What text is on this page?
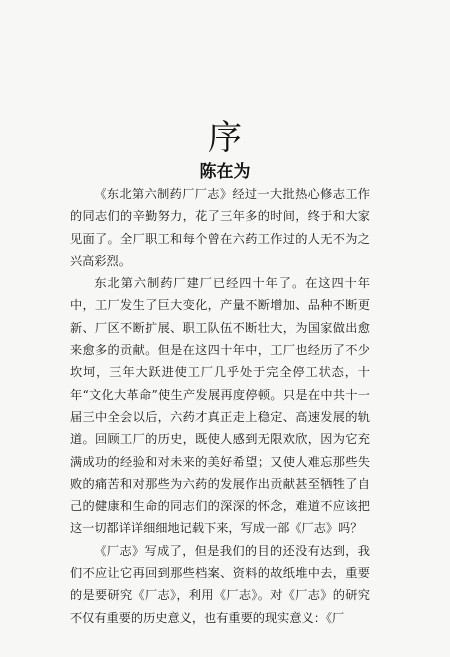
序
陈在为

《东北第六制药厂厂志》经过一大批热心修志工作的同志们的辛勤努力，花了三年多的时间，终于和大家见面了。全厂职工和每个曾在六药工作过的人无不为之兴高彩烈。

东北第六制药厂建厂已经四十年了。在这四十年中，工厂发生了巨大变化，产量不断增加、品种不断更新、厂区不断扩展、职工队伍不断壮大，为国家做出愈来愈多的贡献。但是在这四十年中，工厂也经历了不少坎坷，三年大跃进使工厂几乎处于完全停工状态，十年“文化大革命”使生产发展再度停顿。只是在中共十一届三中全会以后，六药才真正走上稳定、高速发展的轨道。回顾工厂的历史，既使人感到无限欢欣，因为它充满成功的经验和对未来的美好希望；又使人难忘那些失败的痛苦和对那些为六药的发展作出贡献甚至牺牲了自己的健康和生命的同志们的深深的怀念，难道不应该把这一切都详详细细地记载下来，写成一部《厂志》吗？

《厂志》写成了，但是我们的目的还没有达到，我们不应让它再回到那些档案、资料的故纸堆中去，重要的是要研究《厂志》，利用《厂志》。对《厂志》的研究不仅有重要的历史意义，也有重要的现实意义：《厂
